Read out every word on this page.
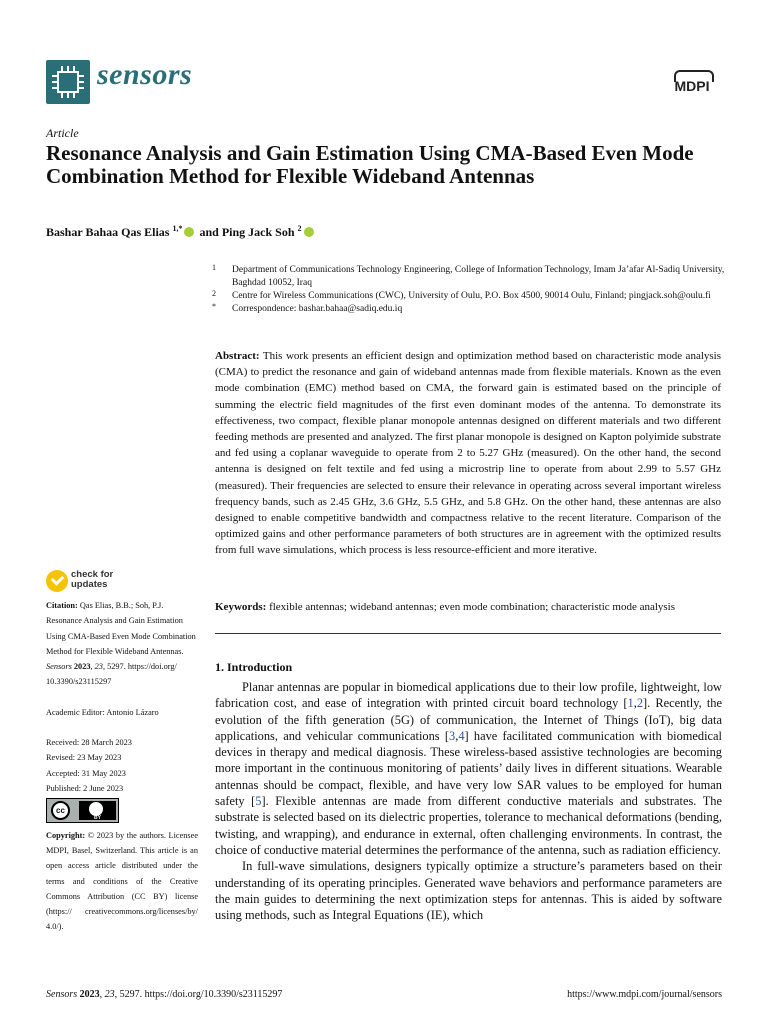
sensors	MDPI
Article
Resonance Analysis and Gain Estimation Using CMA-Based Even Mode Combination Method for Flexible Wideband Antennas
Bashar Bahaa Qas Elias $^{1,*}$ and Ping Jack Soh $^2$
1 Department of Communications Technology Engineering, College of Information Technology, Imam Ja’afar Al-Sadiq University, Baghdad 10052, Iraq
2 Centre for Wireless Communications (CWC), University of Oulu, P.O. Box 4500, 90014 Oulu, Finland; pingjack.soh@oulu.fi
* Correspondence: bashar.bahaa@sadiq.edu.iq

Abstract: This work presents an efficient design and optimization method based on characteristic mode analysis (CMA) to predict the resonance and gain of wideband antennas made from flexible materials. Known as the even mode combination (EMC) method based on CMA, the forward gain is estimated based on the principle of summing the electric field magnitudes of the first even dominant modes of the antenna. To demonstrate its effectiveness, two compact, flexible planar monopole antennas designed on different materials and two different feeding methods are presented and analyzed. The first planar monopole is designed on Kapton polyimide substrate and fed using a coplanar waveguide to operate from 2 to 5.27 GHz (measured). On the other hand, the second antenna is designed on felt textile and fed using a microstrip line to operate from about 2.99 to 5.57 GHz (measured). Their frequencies are selected to ensure their relevance in operating across several important wireless frequency bands, such as 2.45 GHz, 3.6 GHz, 5.5 GHz, and 5.8 GHz. On the other hand, these antennas are also designed to enable competitive bandwidth and compactness relative to the recent literature. Comparison of the optimized gains and other performance parameters of both structures are in agreement with the optimized results from full wave simulations, which process is less resource-efficient and more iterative.

Keywords: flexible antennas; wideband antennas; even mode combination; characteristic mode analysis

check for
updates

Citation: Qas Elias, B.B.; Soh, P.J. Resonance Analysis and Gain Estimation Using CMA-Based Even Mode Combination Method for Flexible Wideband Antennas. Sensors 2023, 23, 5297. https://doi.org/ 10.3390/s23115297

Academic Editor: Antonio Lázaro

Received: 28 March 2023

Revised: 23 May 2023

Accepted: 31 May 2023

Published: 2 June 2023

cc
BY

Copyright: © 2023 by the authors. Licensee MDPI, Basel, Switzerland. This article is an open access article distributed under the terms and conditions of the Creative Commons Attribution (CC BY) license (https:// creativecommons.org/licenses/by/ 4.0/).

1. Introduction

Planar antennas are popular in biomedical applications due to their low profile, lightweight, low fabrication cost, and ease of integration with printed circuit board technology [1,2]. Recently, the evolution of the fifth generation (5G) of communication, the Internet of Things (IoT), big data applications, and vehicular communications [3,4] have facilitated communication with biomedical devices in therapy and medical diagnosis. These wireless-based assistive technologies are becoming more important in the continuous monitoring of patients’ daily lives in different situations. Wearable antennas should be compact, flexible, and have very low SAR values to be employed for human safety [5]. Flexible antennas are made from different conductive materials and substrates. The substrate is selected based on its dielectric properties, tolerance to mechanical deformations (bending, twisting, and wrapping), and endurance in external, often challenging environments. In contrast, the choice of conductive material determines the performance of the antenna, such as radiation efficiency.

In full-wave simulations, designers typically optimize a structure’s parameters based on their understanding of its operating principles. Generated wave behaviors and performance parameters are the main guides to determining the next optimization steps for antennas. This is aided by software using methods, such as Integral Equations (IE), which

Sensors 2023, 23, 5297. https://doi.org/10.3390/s23115297	https://www.mdpi.com/journal/sensors
